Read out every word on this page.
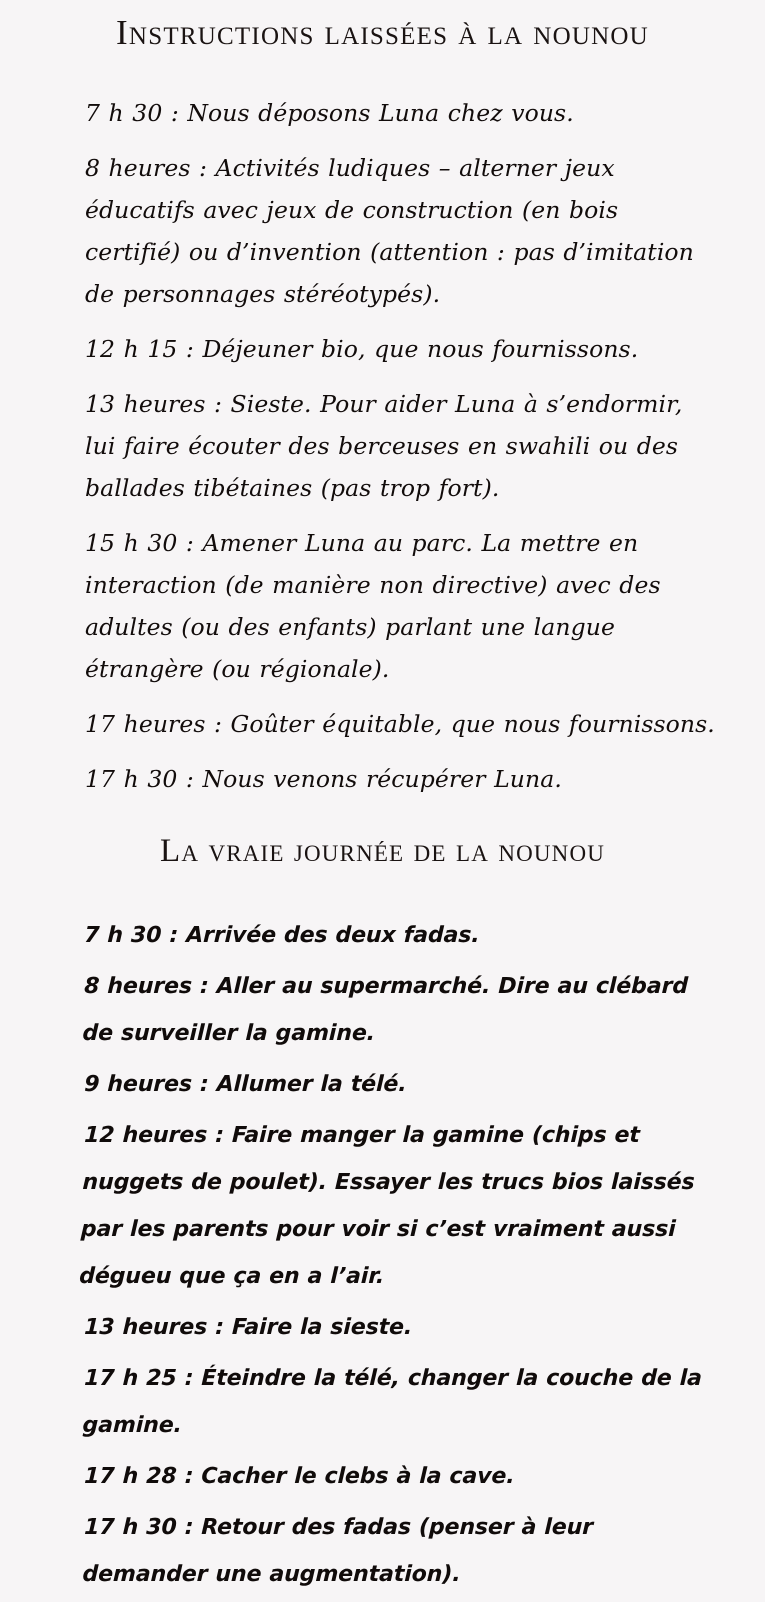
Instructions laissées à la nounou

7 h 30 : Nous déposons Luna chez vous.

8 heures : Activités ludiques – alterner jeux éducatifs avec jeux de construction (en bois certifié) ou d’invention (attention : pas d’imitation de personnages stéréotypés).

12 h 15 : Déjeuner bio, que nous fournissons.

13 heures : Sieste. Pour aider Luna à s’endormir, lui faire écouter des berceuses en swahili ou des ballades tibétaines (pas trop fort).

15 h 30 : Amener Luna au parc. La mettre en interaction (de manière non directive) avec des adultes (ou des enfants) parlant une langue étrangère (ou régionale).

17 heures : Goûter équitable, que nous fournissons.

17 h 30 : Nous venons récupérer Luna.

La vraie journée de la nounou

7 h 30 : Arrivée des deux fadas.

8 heures : Aller au supermarché. Dire au clébard de surveiller la gamine.

9 heures : Allumer la télé.

12 heures : Faire manger la gamine (chips et nuggets de poulet). Essayer les trucs bios laissés par les parents pour voir si c’est vraiment aussi dégueu que ça en a l’air.

13 heures : Faire la sieste.

17 h 25 : Éteindre la télé, changer la couche de la gamine.

17 h 28 : Cacher le clebs à la cave.

17 h 30 : Retour des fadas (penser à leur demander une augmentation).
